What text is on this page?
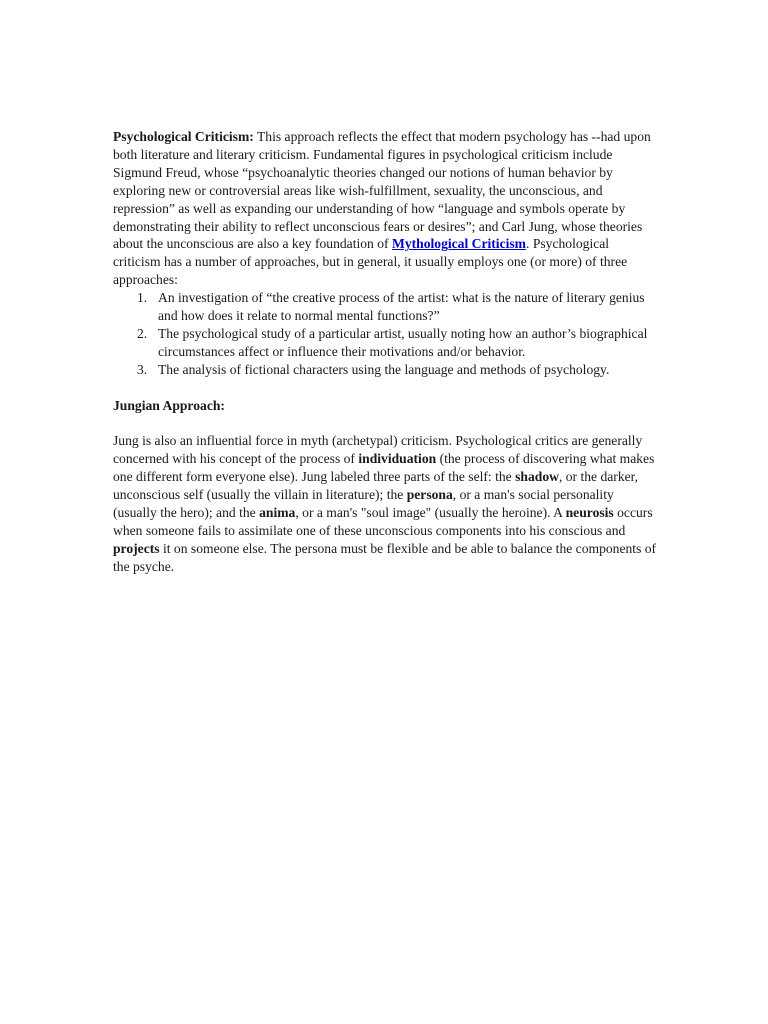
Psychological Criticism: This approach reflects the effect that modern psychology has --had upon both literature and literary criticism. Fundamental figures in psychological criticism include Sigmund Freud, whose “psychoanalytic theories changed our notions of human behavior by exploring new or controversial areas like wish-fulfillment, sexuality, the unconscious, and repression” as well as expanding our understanding of how “language and symbols operate by demonstrating their ability to reflect unconscious fears or desires”; and Carl Jung, whose theories about the unconscious are also a key foundation of Mythological Criticism. Psychological criticism has a number of approaches, but in general, it usually employs one (or more) of three approaches:

1. An investigation of “the creative process of the artist: what is the nature of literary genius and how does it relate to normal mental functions?”
2. The psychological study of a particular artist, usually noting how an author’s biographical circumstances affect or influence their motivations and/or behavior.
3. The analysis of fictional characters using the language and methods of psychology.

Jungian Approach:

Jung is also an influential force in myth (archetypal) criticism. Psychological critics are generally concerned with his concept of the process of individuation (the process of discovering what makes one different form everyone else). Jung labeled three parts of the self: the shadow, or the darker, unconscious self (usually the villain in literature); the persona, or a man's social personality (usually the hero); and the anima, or a man's "soul image" (usually the heroine). A neurosis occurs when someone fails to assimilate one of these unconscious components into his conscious and projects it on someone else. The persona must be flexible and be able to balance the components of the psyche.
